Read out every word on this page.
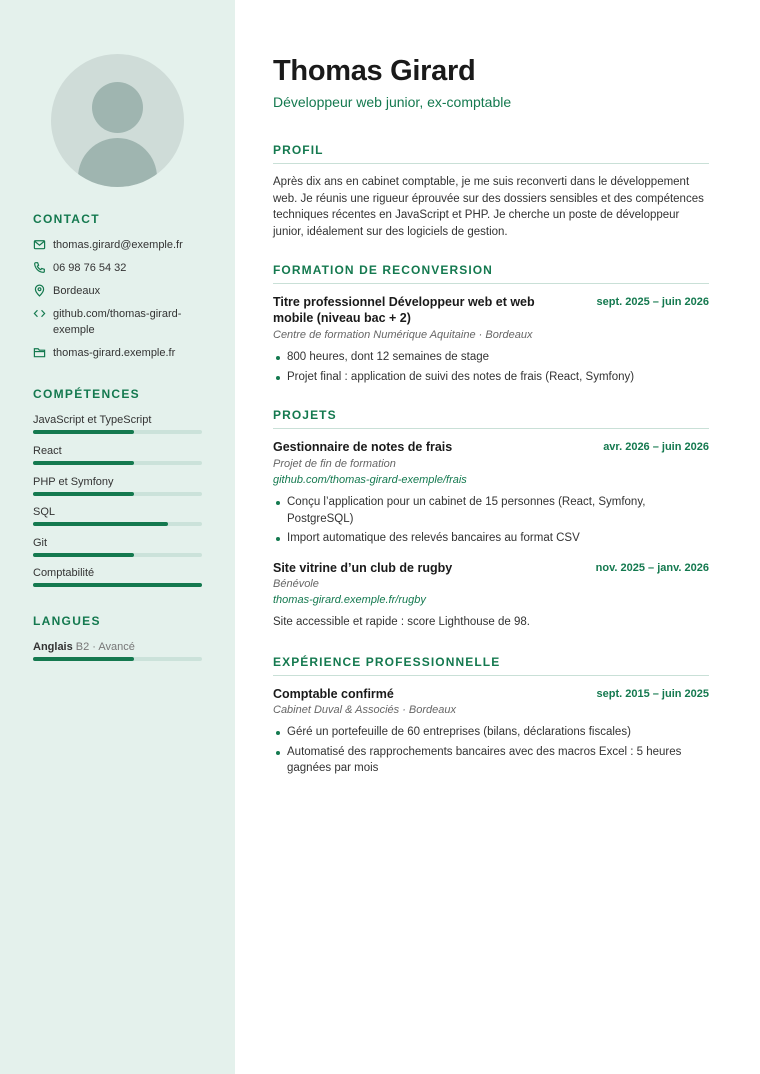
CONTACT
thomas.girard@exemple.fr
06 98 76 54 32
Bordeaux
github.com/thomas-girard-exemple
thomas-girard.exemple.fr
COMPÉTENCES
JavaScript et TypeScript
React
PHP et Symfony
SQL
Git
Comptabilité
LANGUES
Anglais B2 · Avancé
Thomas Girard
Développeur web junior, ex-comptable
PROFIL
Après dix ans en cabinet comptable, je me suis reconverti dans le développement web. Je réunis une rigueur éprouvée sur des dossiers sensibles et des compétences techniques récentes en JavaScript et PHP. Je cherche un poste de développeur junior, idéalement sur des logiciels de gestion.
FORMATION DE RECONVERSION
Titre professionnel Développeur web et web mobile (niveau bac + 2)
sept. 2025 – juin 2026
Centre de formation Numérique Aquitaine · Bordeaux
800 heures, dont 12 semaines de stage
Projet final : application de suivi des notes de frais (React, Symfony)
PROJETS
Gestionnaire de notes de frais	avr. 2026 – juin 2026
Projet de fin de formation
github.com/thomas-girard-exemple/frais
Conçu l’application pour un cabinet de 15 personnes (React, Symfony, PostgreSQL)
Import automatique des relevés bancaires au format CSV
Site vitrine d’un club de rugby	nov. 2025 – janv. 2026
Bénévole
thomas-girard.exemple.fr/rugby
Site accessible et rapide : score Lighthouse de 98.
EXPÉRIENCE PROFESSIONNELLE
Comptable confirmé	sept. 2015 – juin 2025
Cabinet Duval & Associés · Bordeaux
Géré un portefeuille de 60 entreprises (bilans, déclarations fiscales)
Automatisé des rapprochements bancaires avec des macros Excel : 5 heures gagnées par mois
